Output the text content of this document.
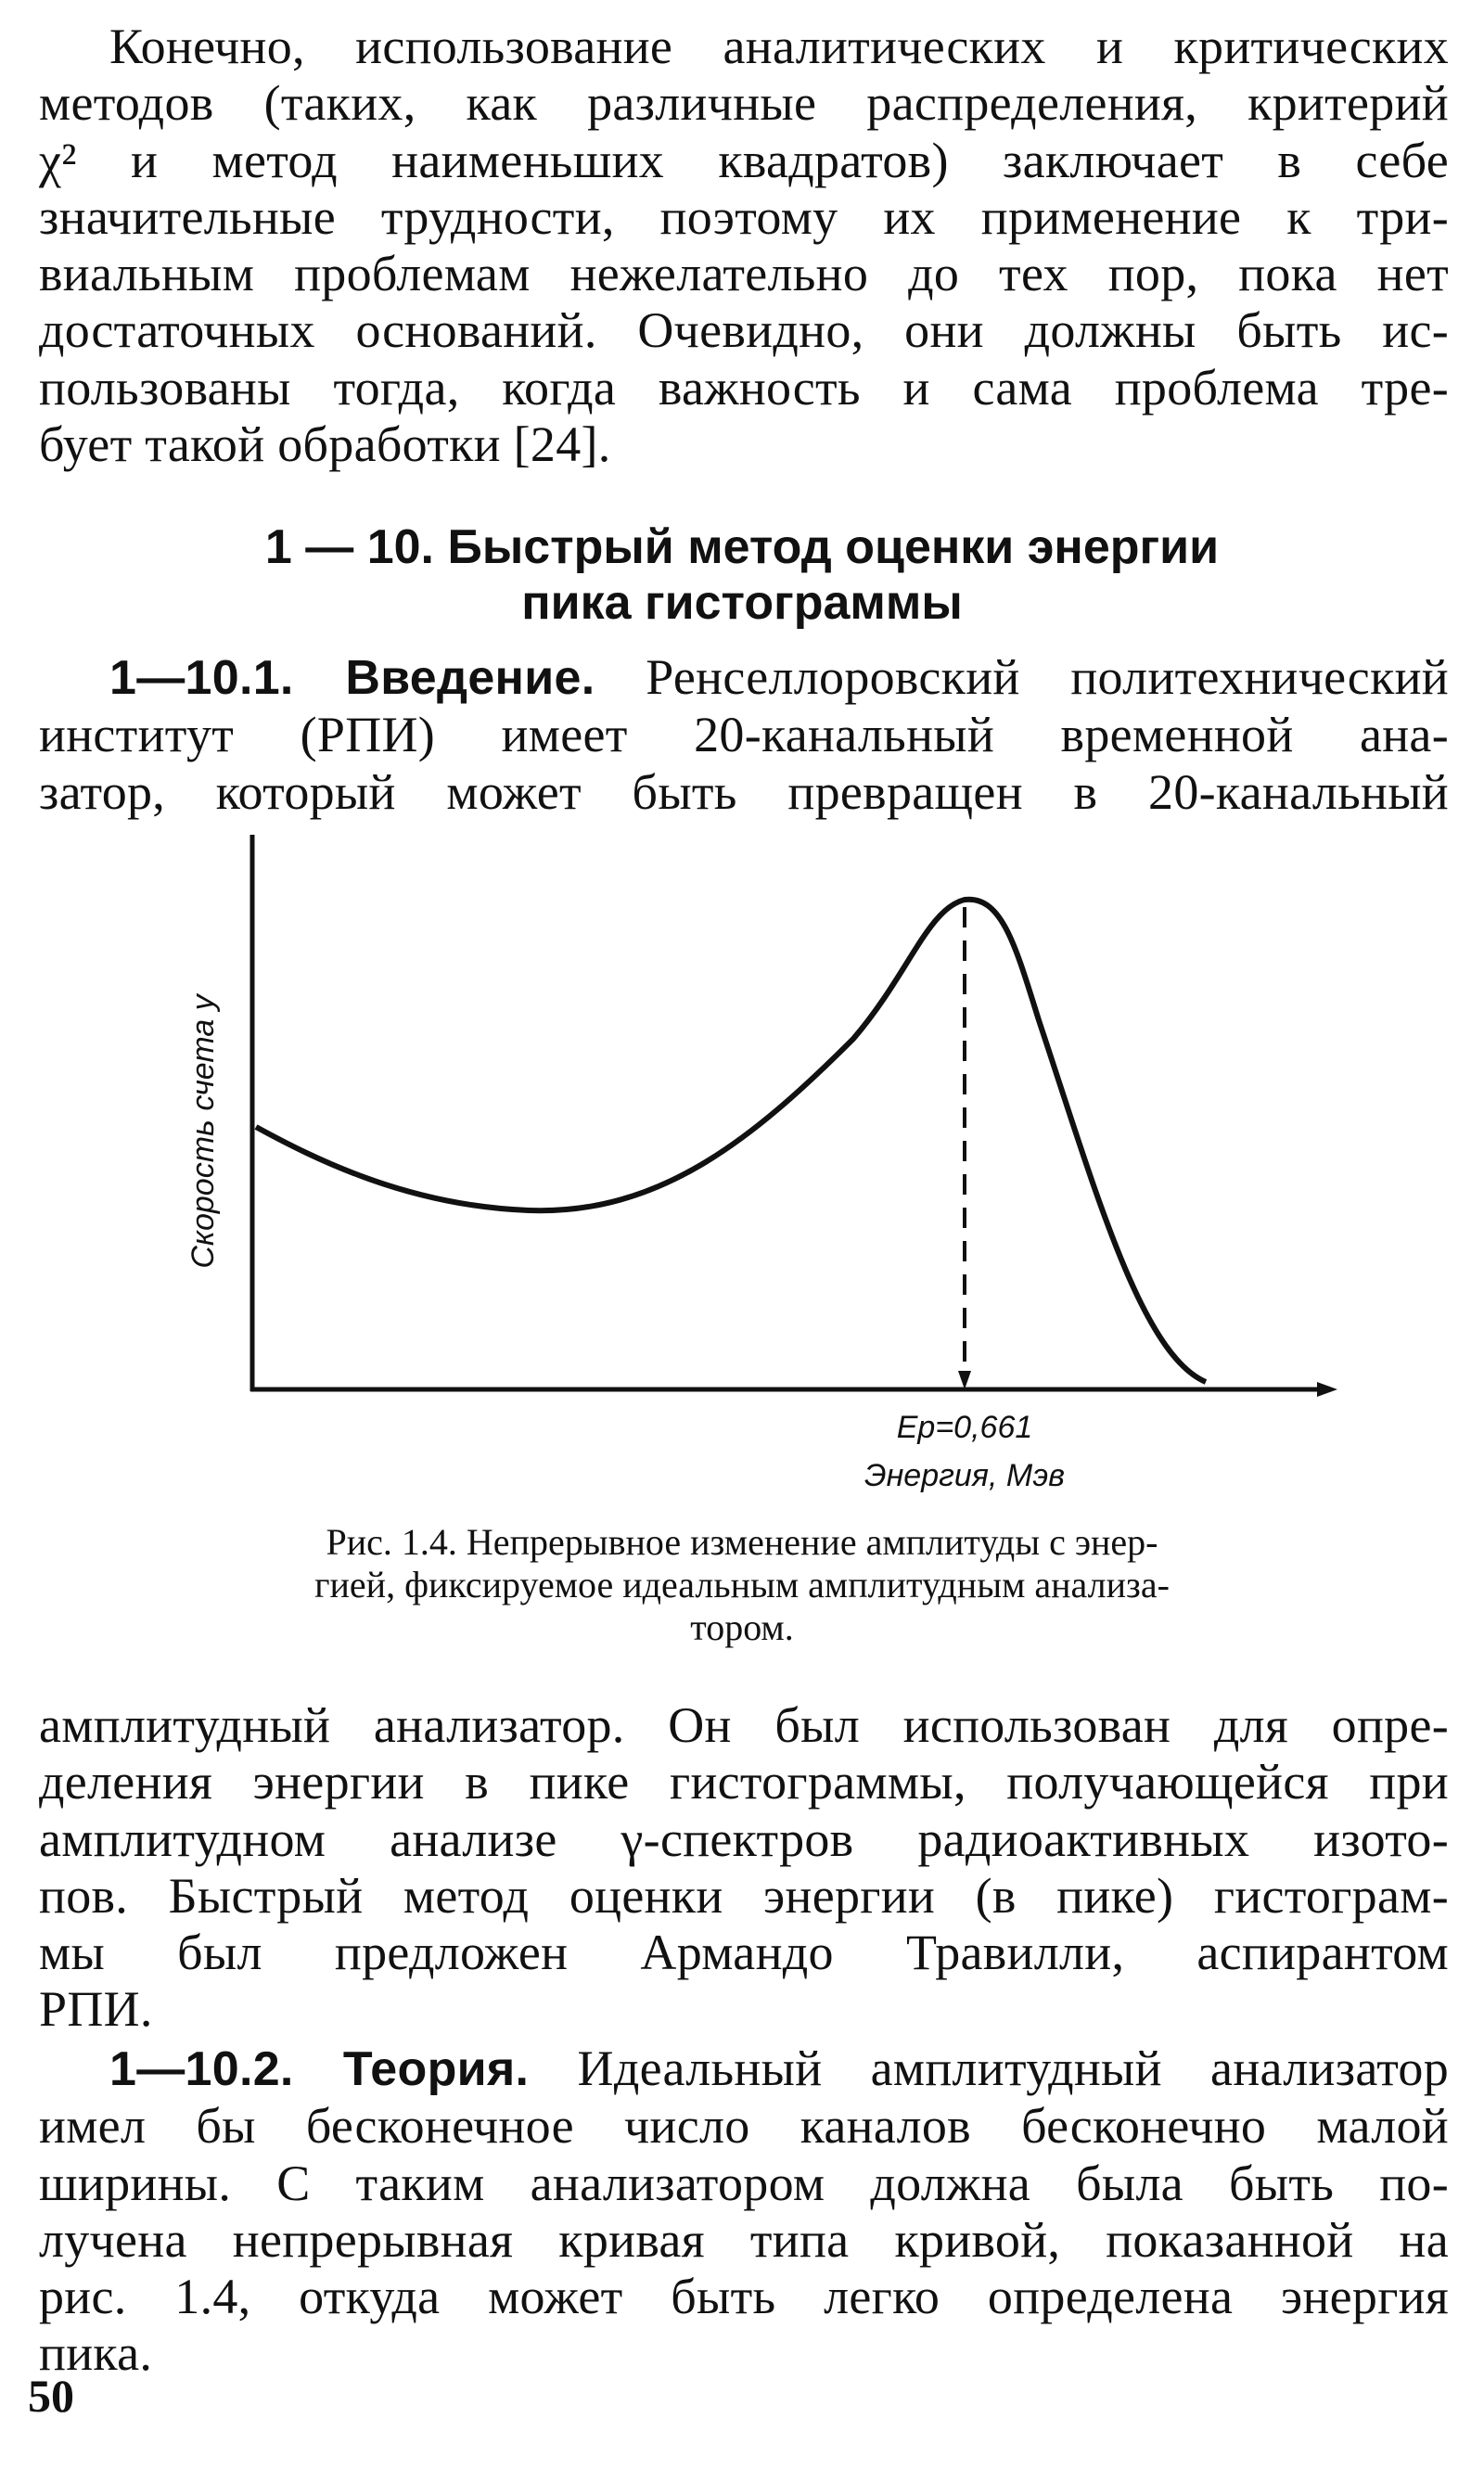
Конечно, использование аналитических и критических
методов (таких, как различные распределения, критерий
χ² и метод наименьших квадратов) заключает в себе
значительные трудности, поэтому их применение к три-
виальным проблемам нежелательно до тех пор, пока нет
достаточных оснований. Очевидно, они должны быть ис-
пользованы тогда, когда важность и сама проблема тре-
бует такой обработки [24].

1 — 10. Быстрый метод оценки энергии

пика гистограммы

1—10.1. Введение. Ренселлоровский политехнический
институт (РПИ) имеет 20-канальный временной ана-
затор, который может быть превращен в 20-канальный
Скорость счета у
Ep=0,661
Энергия, Мэв
Рис. 1.4. Непрерывное изменение амплитуды с энер-
гией, фиксируемое идеальным амплитудным анализа-
тором.
амплитудный анализатор. Он был использован для опре-
деления энергии в пике гистограммы, получающейся при
амплитудном анализе γ-спектров радиоактивных изото-
пов. Быстрый метод оценки энергии (в пике) гистограм-
мы был предложен Армандо Травилли, аспирантом
РПИ.
1—10.2. Теория. Идеальный амплитудный анализатор
имел бы бесконечное число каналов бесконечно малой
ширины. С таким анализатором должна была быть по-
лучена непрерывная кривая типа кривой, показанной на
рис. 1.4, откуда может быть легко определена энергия
пика.
50
